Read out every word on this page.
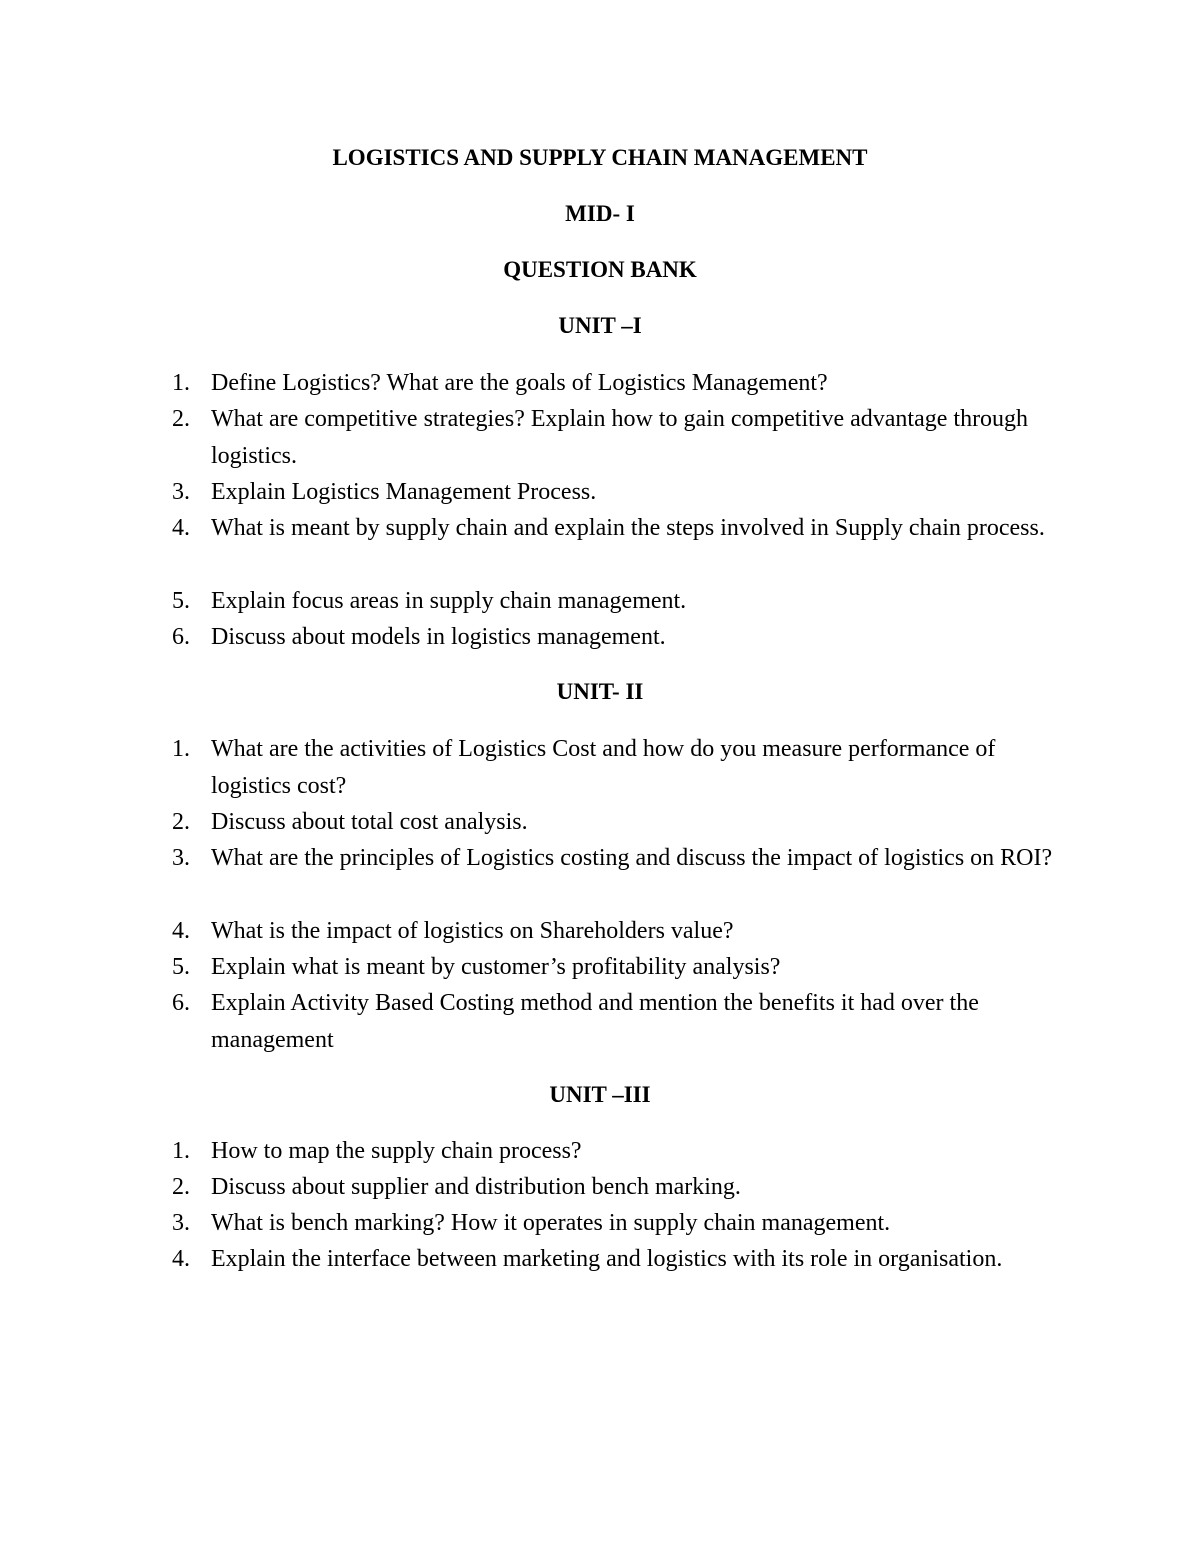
LOGISTICS AND SUPPLY CHAIN MANAGEMENT
MID- I
QUESTION BANK
UNIT –I
1. Define Logistics? What are the goals of Logistics Management?
2. What are competitive strategies? Explain how to gain competitive advantage through logistics.
3. Explain Logistics Management Process.
4. What is meant by supply chain and explain the steps involved in Supply chain process.
5. Explain focus areas in supply chain management.
6. Discuss about models in logistics management.
UNIT- II
1. What are the activities of Logistics Cost and how do you measure performance of logistics cost?
2. Discuss about total cost analysis.
3. What are the principles of Logistics costing and discuss the impact of logistics on ROI?
4. What is the impact of logistics on Shareholders value?
5. Explain what is meant by customer’s profitability analysis?
6. Explain Activity Based Costing method and mention the benefits it had over the management
UNIT –III
1. How to map the supply chain process?
2. Discuss about supplier and distribution bench marking.
3. What is bench marking? How it operates in supply chain management.
4. Explain the interface between marketing and logistics with its role in organisation.
